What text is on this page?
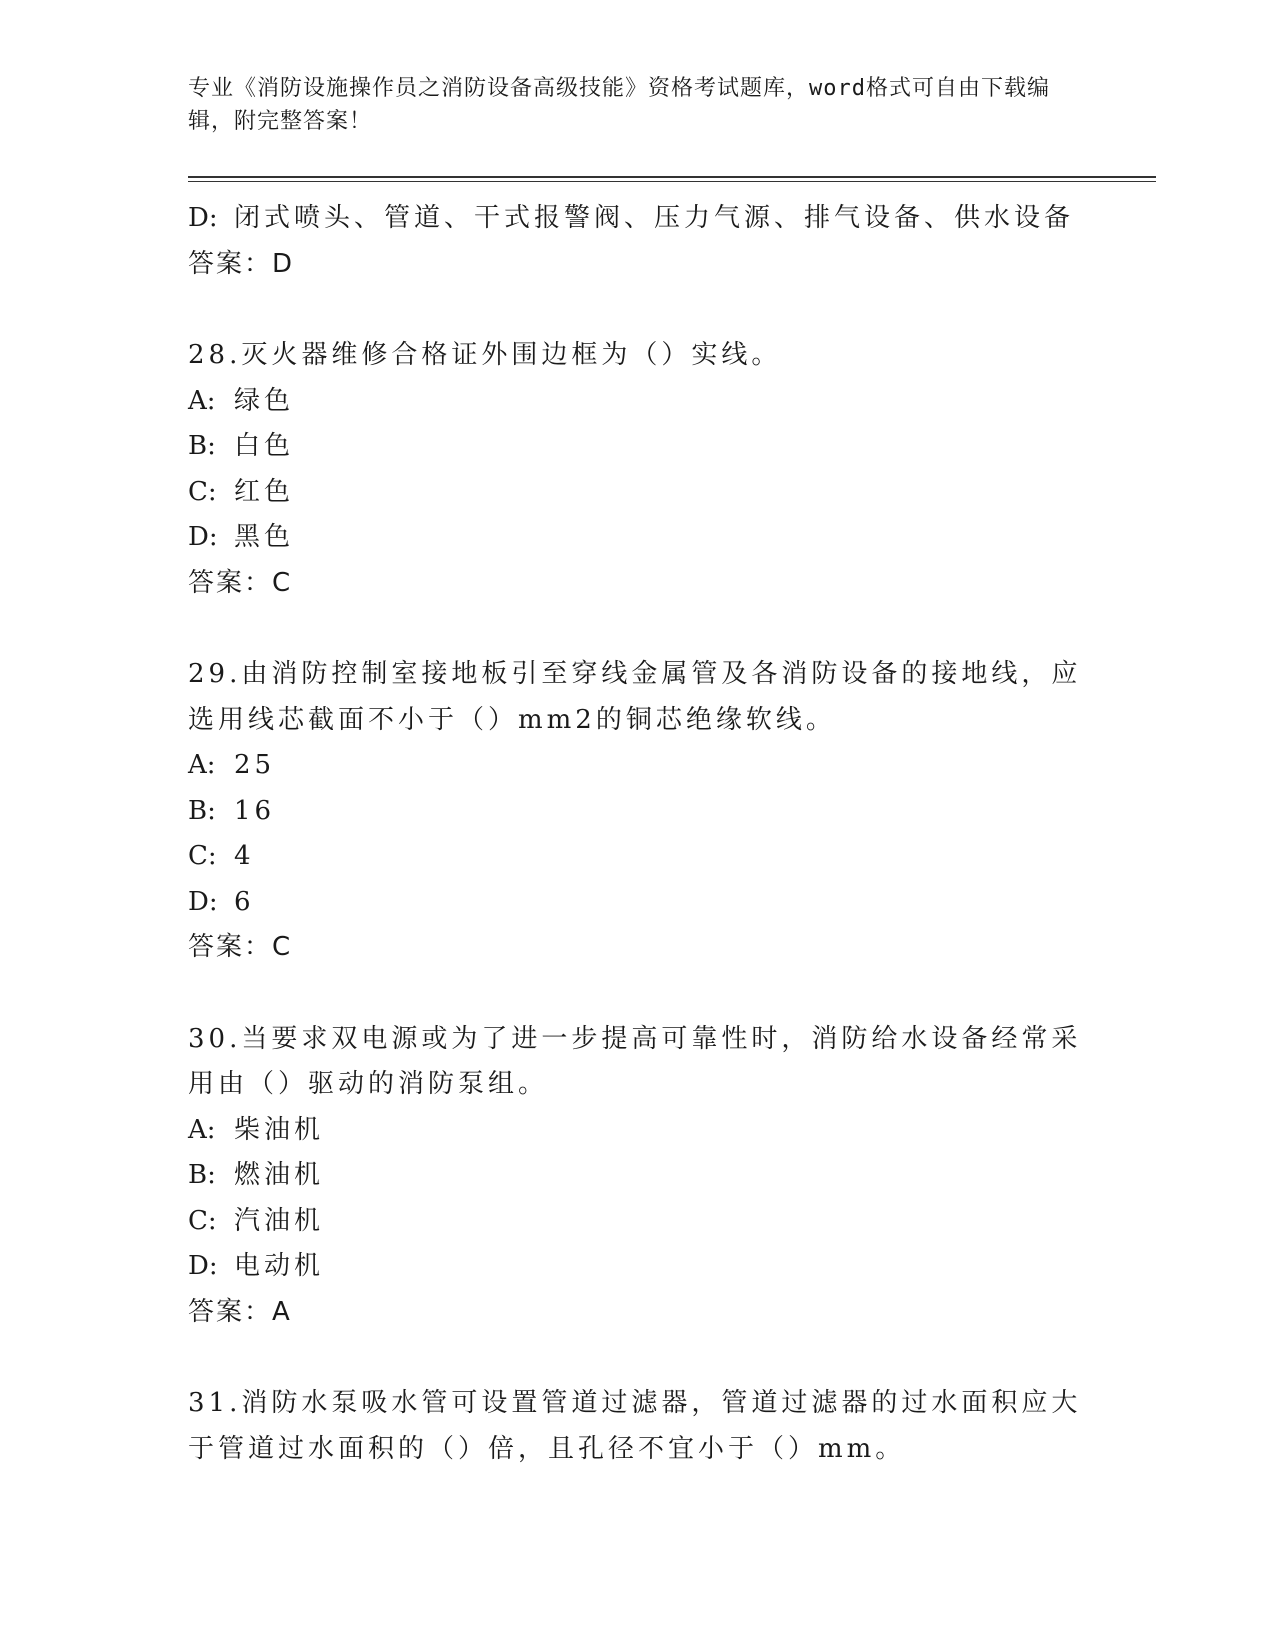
专业《消防设施操作员之消防设备高级技能》资格考试题库，word格式可自由下载编辑，附完整答案！

D: 闭式喷头、管道、干式报警阀、压力气源、排气设备、供水设备
答案：D
28.灭火器维修合格证外围边框为（）实线。
A: 绿色
B: 白色
C: 红色
D: 黑色
答案：C
29.由消防控制室接地板引至穿线金属管及各消防设备的接地线，应选用线芯截面不小于（）mm2的铜芯绝缘软线。
A: 25
B: 16
C: 4
D: 6
答案：C
30.当要求双电源或为了进一步提高可靠性时，消防给水设备经常采用由（）驱动的消防泵组。
A: 柴油机
B: 燃油机
C: 汽油机
D: 电动机
答案：A
31.消防水泵吸水管可设置管道过滤器，管道过滤器的过水面积应大于管道过水面积的（）倍，且孔径不宜小于（）mm。
